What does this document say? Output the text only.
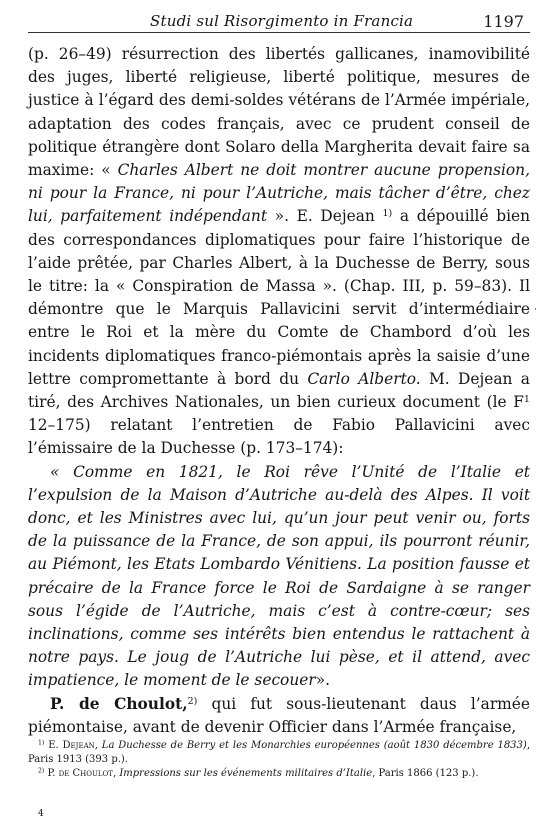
Studi sul Risorgimento in Francia	1197

(p. 26–49) résurrection des libertés gallicanes, inamovibilité des juges, liberté religieuse, liberté politique, mesures de justice à l’égard des demi-soldes vétérans de l’Armée impériale, adaptation des codes français, avec ce prudent conseil de politique étrangère dont Solaro della Margherita devait faire sa maxime: « Charles Albert ne doit montrer aucune propension, ni pour la France, ni pour l’Autriche, mais tâcher d’être, chez lui, parfaitement indépendant ». E. Dejean $^{1)}$ a dépouillé bien des correspondances diplomatiques pour faire l’historique de l’aide prêtée, par Charles Albert, à la Duchesse de Berry, sous le titre: la « Conspiration de Massa ». (Chap. III, p. 59–83). Il démontre que le Marquis Pallavicini servit d’intermédiaire entre le Roi et la mère du Comte de Chambord d’où les incidents diplomatiques franco-piémontais après la saisie d’une lettre compromettante à bord du Carlo Alberto. M. Dejean a tiré, des Archives Nationales, un bien curieux document (le $F^1$ 12–175) relatant l’entretien de Fabio Pallavicini avec l’émissaire de la Duchesse (p. 173–174):

« Comme en 1821, le Roi rêve l’Unité de l’Italie et l’expulsion de la Maison d’Autriche au-delà des Alpes. Il voit donc, et les Ministres avec lui, qu’un jour peut venir ou, forts de la puissance de la France, de son appui, ils pourront réunir, au Piémont, les Etats Lombardo Vénitiens. La position fausse et précaire de la France force le Roi de Sardaigne à se ranger sous l’égide de l’Autriche, mais c’est à contre-cœur; ses inclinations, comme ses intérêts bien entendus le rattachent à notre pays. Le joug de l’Autriche lui pèse, et il attend, avec impatience, le moment de le secouer».

P. de Choulot,$^{2)}$ qui fut sous-lieutenant daus l’armée piémontaise, avant de devenir Officier dans l’Armée française,

$^{1)}$ E. Dejean, La Duchesse de Berry et les Monarchies européennes (août 1830 décembre 1833), Paris 1913 (393 p.).

$^{2)}$ P. de Choulot, Impressions sur les événements militaires d’Italie, Paris 1866 (123 p.).

4
·
